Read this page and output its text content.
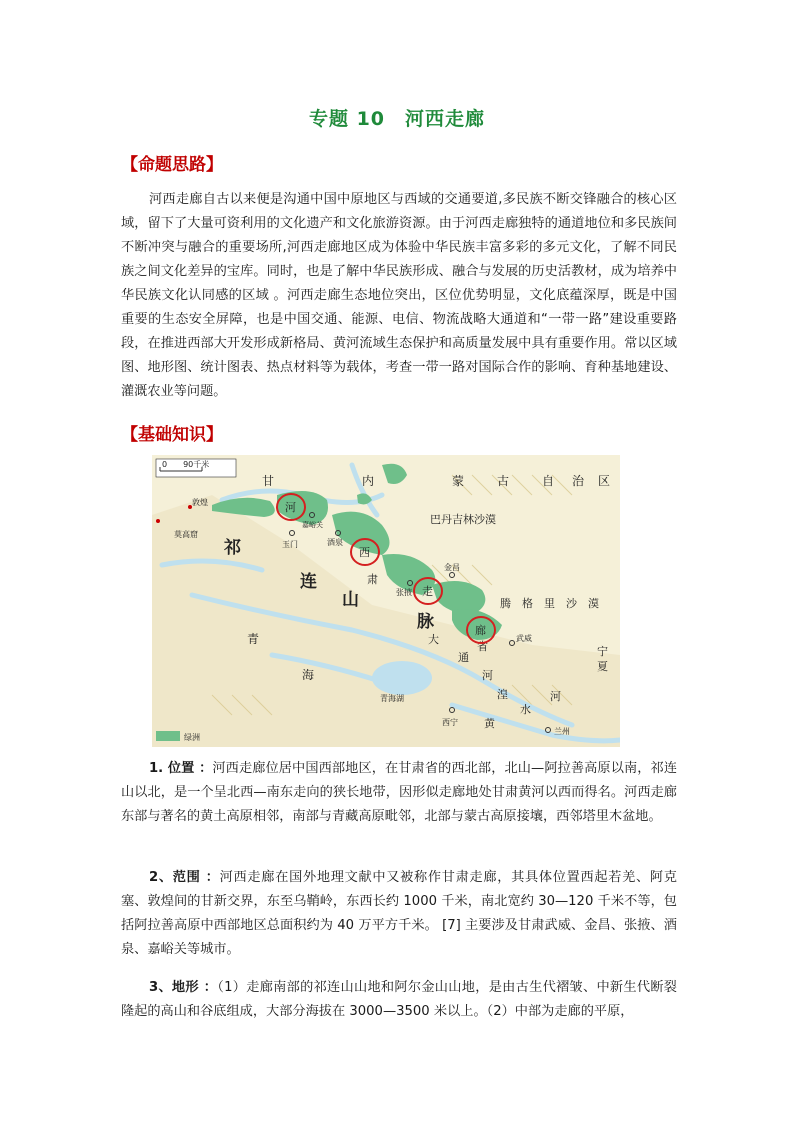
专题 10　河西走廊
【命题思路】

河西走廊自古以来便是沟通中国中原地区与西域的交通要道,多民族不断交锋融合的核心区域，留下了大量可资利用的文化遗产和文化旅游资源。由于河西走廊独特的通道地位和多民族间不断冲突与融合的重要场所,河西走廊地区成为体验中华民族丰富多彩的多元文化，了解不同民族之间文化差异的宝库。同时，也是了解中华民族形成、融合与发展的历史活教材，成为培养中华民族文化认同感的区域 。河西走廊生态地位突出，区位优势明显，文化底蕴深厚，既是中国重要的生态安全屏障，也是中国交通、能源、电信、物流战略大通道和“一带一路”建设重要路段，在推进西部大开发形成新格局、黄河流域生态保护和高质量发展中具有重要作用。常以区域图、地形图、统计图表、热点材料等为载体，考查一带一路对国际合作的影响、育种基地建设、灌溉农业等问题。

【基础知识】
0　　90千米
甘	内	蒙	古	自 治 区
宁
夏
巴丹吉林沙漠
腾　格　里　沙　漠
祁
连
山
脉
青
海
肃
省
河
西
走
廊
敦煌
莫高窟
玉门
嘉峪关
酒泉
张掖
金昌
武威
西宁
兰州
青海湖
大
通
河
湟
水
黄
河
绿洲

1. 位置 ：河西走廊位居中国西部地区，在甘肃省的西北部，北山—阿拉善高原以南，祁连山以北，是一个呈北西—南东走向的狭长地带，因形似走廊地处甘肃黄河以西而得名。河西走廊东部与著名的黄土高原相邻，南部与青藏高原毗邻，北部与蒙古高原接壤，西邻塔里木盆地。

2、范围 ：河西走廊在国外地理文献中又被称作甘肃走廊，其具体位置西起若羌、阿克塞、敦煌间的甘新交界，东至乌鞘岭，东西长约 1000 千米，南北宽约 30—120 千米不等，包括阿拉善高原中西部地区总面积约为 40 万平方千米。 [7] 主要涉及甘肃武威、金昌、张掖、酒泉、嘉峪关等城市。

3、地形 ：（1）走廊南部的祁连山山地和阿尔金山山地，是由古生代褶皱、中新生代断裂隆起的高山和谷底组成，大部分海拔在 3000—3500 米以上。（2）中部为走廊的平原，
